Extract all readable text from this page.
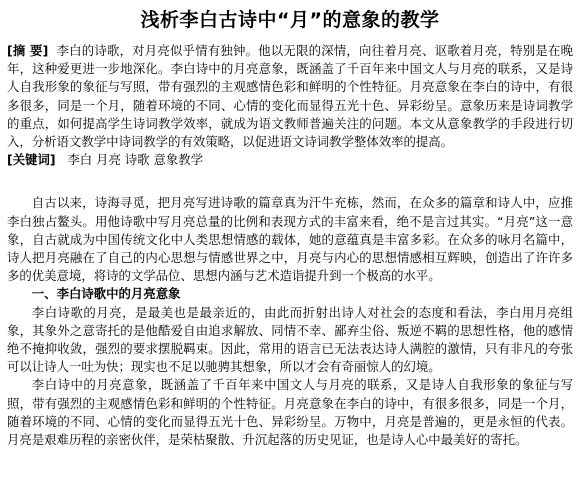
浅析李白古诗中“月”的意象的教学

[摘 要] 李白的诗歌，对月亮似乎情有独钟。他以无限的深情，向往着月亮、讴歌着月亮，特别是在晚年，这种爱更进一步地深化。李白诗中的月亮意象，既涵盖了千百年来中国文人与月亮的联系，又是诗人自我形象的象征与写照，带有强烈的主观感情色彩和鲜明的个性特征。月亮意象在李白的诗中，有很多很多，同是一个月，随着环境的不同、心情的变化而显得五光十色、异彩纷呈。意象历来是诗词教学的重点，如何提高学生诗词教学效率，就成为语文教师普遍关注的问题。本文从意象教学的手段进行切入，分析语文教学中诗词教学的有效策略，以促进语文诗词教学整体效率的提高。

[关键词] 李白 月亮 诗歌 意象教学

自古以来，诗海寻觅，把月亮写进诗歌的篇章真为汗牛充栋，然而，在众多的篇章和诗人中，应推李白独占鳌头。用他诗歌中写月亮总量的比例和表现方式的丰富来看，绝不是言过其实。“月亮”这一意象，自古就成为中国传统文化中人类思想情感的载体，她的意蕴真是丰富多彩。在众多的咏月名篇中，诗人把月亮融在了自己的内心思想与情感世界之中，月亮与内心的思想情感相互辉映，创造出了许许多多的优美意境，将诗的文学品位、思想内涵与艺术造诣提升到一个极高的水平。

一、李白诗歌中的月亮意象

李白诗歌的月亮，是最美也是最亲近的，由此而折射出诗人对社会的态度和看法，李白用月亮组象，其象外之意寄托的是他酷爱自由追求解放、同情不幸、鄙弃尘俗、叛逆不羁的思想性格，他的感情绝不掩抑收敛，强烈的要求摆脱羁束。因此，常用的语言已无法表达诗人满腔的激情，只有非凡的夸张可以让诗人一吐为快；现实也不足以驰骋其想象，所以才会有奇丽惊人的幻境。

李白诗中的月亮意象，既涵盖了千百年来中国文人与月亮的联系，又是诗人自我形象的象征与写照，带有强烈的主观感情色彩和鲜明的个性特征。月亮意象在李白的诗中，有很多很多，同是一个月，随着环境的不同、心情的变化而显得五光十色、异彩纷呈。万物中，月亮是普遍的，更是永恒的代表。月亮是艰难历程的亲密伙伴，是荣枯聚散、升沉起落的历史见证，也是诗人心中最美好的寄托。
